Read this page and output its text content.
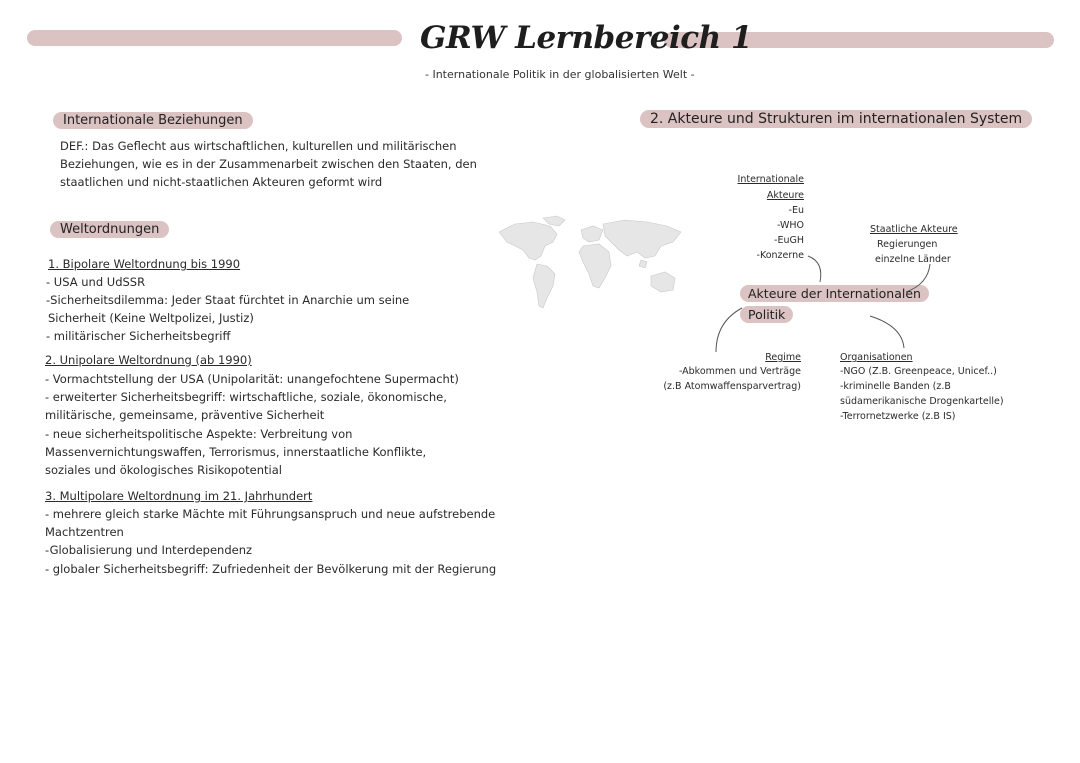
GRW Lernbereich 1
- Internationale Politik in der globalisierten Welt -
Internationale Beziehungen
DEF.: Das Geflecht aus wirtschaftlichen, kulturellen und militärischen
Beziehungen, wie es in der Zusammenarbeit zwischen den Staaten, den
staatlichen und nicht-staatlichen Akteuren geformt wird
Weltordnungen
1. Bipolare Weltordnung bis 1990
- USA und UdSSR
-Sicherheitsdilemma: Jeder Staat fürchtet in Anarchie um seine
Sicherheit (Keine Weltpolizei, Justiz)
- militärischer Sicherheitsbegriff
2. Unipolare Weltordnung (ab 1990)
- Vormachtstellung der USA (Unipolarität: unangefochtene Supermacht)
- erweiterter Sicherheitsbegriff: wirtschaftliche, soziale, ökonomische,
militärische, gemeinsame, präventive Sicherheit
- neue sicherheitspolitische Aspekte: Verbreitung von
Massenvernichtungswaffen, Terrorismus, innerstaatliche Konflikte,
soziales und ökologisches Risikopotential
3. Multipolare Weltordnung im 21. Jahrhundert
- mehrere gleich starke Mächte mit Führungsanspruch und neue aufstrebende
Machtzentren
-Globalisierung und Interdependenz
- globaler Sicherheitsbegriff: Zufriedenheit der Bevölkerung mit der Regierung
2. Akteure und Strukturen im internationalen System
Internationale
Akteure
-Eu
-WHO
-EuGH
-Konzerne
Staatliche Akteure
Regierungen
einzelne Länder
Akteure der Internationalen
Politik
Regime
-Abkommen und Verträge
(z.B Atomwaffensparvertrag)
Organisationen
-NGO (Z.B. Greenpeace, Unicef..)
-kriminelle Banden (z.B
südamerikanische Drogenkartelle)
-Terrornetzwerke (z.B IS)
